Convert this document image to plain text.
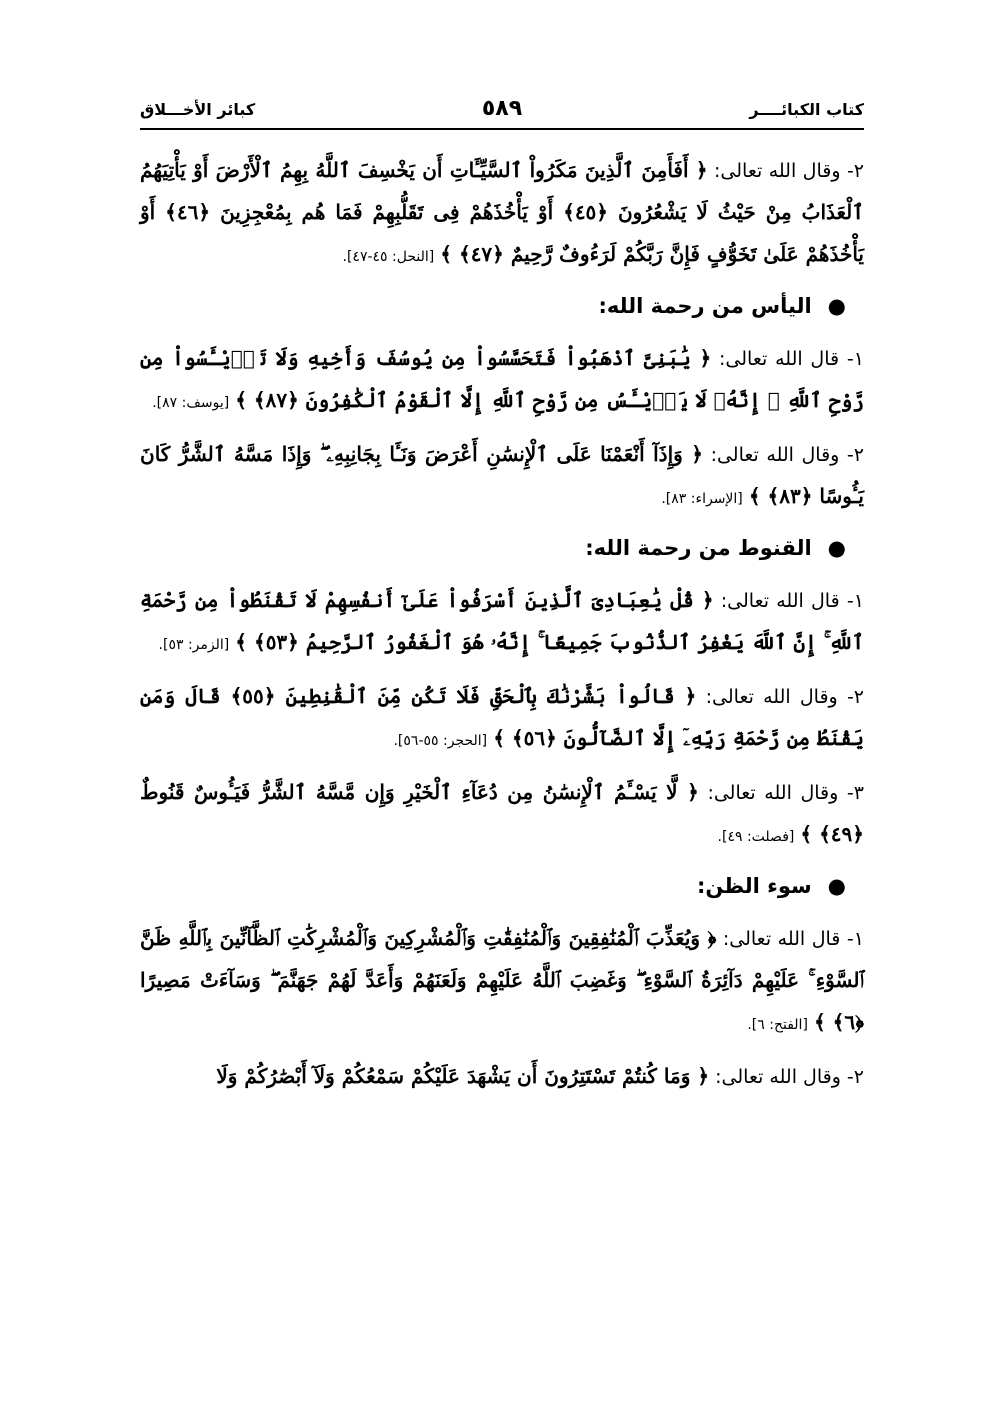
كتاب الكبائــــر
٥٨٩
كبائر الأخـــلاق

٢- وقال الله تعالى: ﴿ أَفَأَمِنَ ٱلَّذِينَ مَكَرُواْ ٱلسَّيِّـَٔاتِ أَن يَخْسِفَ ٱللَّهُ بِهِمُ ٱلْأَرْضَ أَوْ يَأْتِيَهُمُ ٱلْعَذَابُ مِنْ حَيْثُ لَا يَشْعُرُونَ ﴿٤٥﴾ أَوْ يَأْخُذَهُمْ فِى تَقَلُّبِهِمْ فَمَا هُم بِمُعْجِزِينَ ﴿٤٦﴾ أَوْ يَأْخُذَهُمْ عَلَىٰ تَخَوُّفٍ فَإِنَّ رَبَّكُمْ لَرَءُوفٌ رَّحِيمٌ ﴿٤٧﴾ ﴾ [النحل: ٤٥-٤٧].

●اليأس من رحمة الله:

١- قال الله تعالى: ﴿ يَٰبَنِىَّ ٱذْهَبُواْ فَتَحَسَّسُواْ مِن يُوسُفَ وَأَخِيهِ وَلَا تَا۟يْـَٔسُواْ مِن رَّوْحِ ٱللَّهِ ۖ إِنَّهُۥ لَا يَا۟يْـَٔسُ مِن رَّوْحِ ٱللَّهِ إِلَّا ٱلْقَوْمُ ٱلْكَٰفِرُونَ ﴿٨٧﴾ ﴾ [يوسف: ٨٧].

٢- وقال الله تعالى: ﴿ وَإِذَآ أَنْعَمْنَا عَلَى ٱلْإِنسَٰنِ أَعْرَضَ وَنَـَٔا بِجَانِبِهِۦ ۖ وَإِذَا مَسَّهُ ٱلشَّرُّ كَانَ يَـُٔوسًا ﴿٨٣﴾ ﴾ [الإسراء: ٨٣].

●القنوط من رحمة الله:

١- قال الله تعالى: ﴿ قُلْ يَٰعِبَادِىَ ٱلَّذِينَ أَسْرَفُواْ عَلَىٰٓ أَنفُسِهِمْ لَا تَقْنَطُواْ مِن رَّحْمَةِ ٱللَّهِ ۚ إِنَّ ٱللَّهَ يَغْفِرُ ٱلذُّنُوبَ جَمِيعًا ۚ إِنَّهُۥ هُوَ ٱلْغَفُورُ ٱلرَّحِيمُ ﴿٥٣﴾ ﴾ [الزمر: ٥٣].

٢- وقال الله تعالى: ﴿ قَالُواْ بَشَّرْنَٰكَ بِٱلْحَقِّ فَلَا تَكُن مِّنَ ٱلْقَٰنِطِينَ ﴿٥٥﴾ قَالَ وَمَن يَقْنَطُ مِن رَّحْمَةِ رَبِّهِۦٓ إِلَّا ٱلضَّآلُّونَ ﴿٥٦﴾ ﴾ [الحجر: ٥٥-٥٦].

٣- وقال الله تعالى: ﴿ لَّا يَسْـَٔمُ ٱلْإِنسَٰنُ مِن دُعَآءِ ٱلْخَيْرِ وَإِن مَّسَّهُ ٱلشَّرُّ فَيَـُٔوسٌ قَنُوطٌ ﴿٤٩﴾ ﴾ [فصلت: ٤٩].

●سوء الظن:

١- قال الله تعالى: ﴿ وَيُعَذِّبَ ٱلْمُنَٰفِقِينَ وَٱلْمُنَٰفِقَٰتِ وَٱلْمُشْرِكِينَ وَٱلْمُشْرِكَٰتِ ٱلظَّآنِّينَ بِٱللَّهِ ظَنَّ ٱلسَّوْءِ ۚ عَلَيْهِمْ دَآئِرَةُ ٱلسَّوْءِ ۖ وَغَضِبَ ٱللَّهُ عَلَيْهِمْ وَلَعَنَهُمْ وَأَعَدَّ لَهُمْ جَهَنَّمَ ۖ وَسَآءَتْ مَصِيرًا ﴿٦﴾ ﴾ [الفتح: ٦].

٢- وقال الله تعالى: ﴿ وَمَا كُنتُمْ تَسْتَتِرُونَ أَن يَشْهَدَ عَلَيْكُمْ سَمْعُكُمْ وَلَآ أَبْصَٰرُكُمْ وَلَا
